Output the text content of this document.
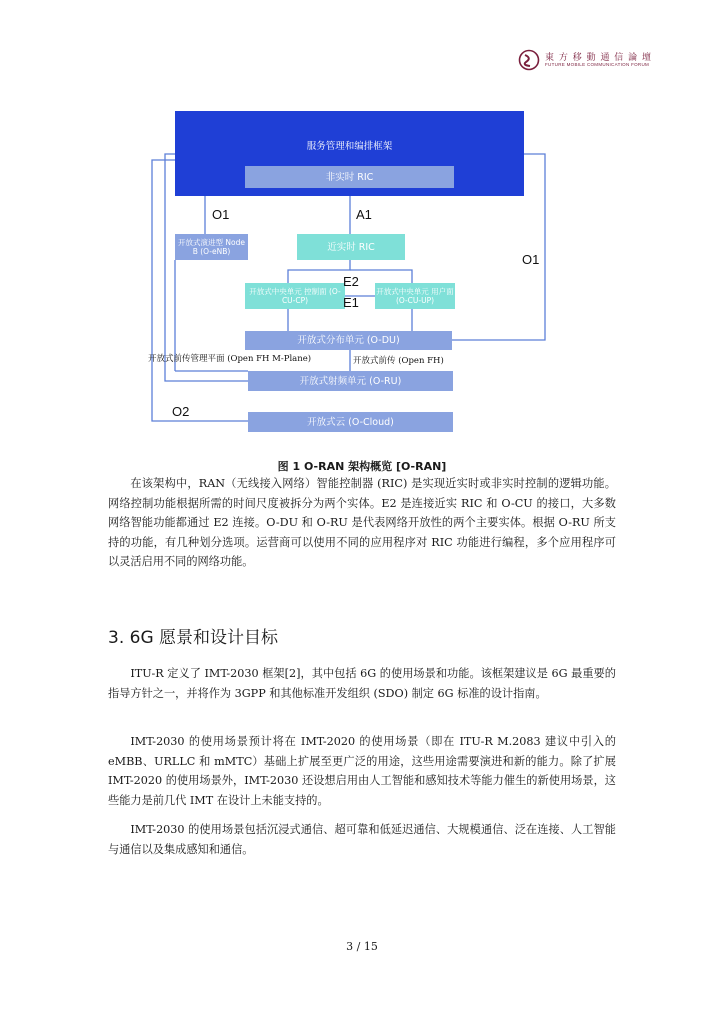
東 方 移 動 通 信 論 壇
FUTURE MOBILE COMMUNICATION FORUM
服务管理和编排框架
非实时 RIC
开放式演进型 Node B (O-eNB)	近实时 RIC
开放式中央单元 控制面 (O-CU-CP)
开放式中央单元 用户面 (O-CU-UP)
开放式分布单元 (O-DU)
开放式射频单元 (O-RU)
开放式云 (O-Cloud)
O1	A1
O1
E2
E1
O2
开放式前传管理平面 (Open FH M-Plane)	开放式前传 (Open FH)
图 1 O-RAN 架构概览 [O-RAN]

在该架构中，RAN（无线接入网络）智能控制器 (RIC) 是实现近实时或非实时控制的逻辑功能。网络控制功能根据所需的时间尺度被拆分为两个实体。E2 是连接近实 RIC 和 O-CU 的接口，大多数网络智能功能都通过 E2 连接。O-DU 和 O-RU 是代表网络开放性的两个主要实体。根据 O-RU 所支持的功能，有几种划分选项。运营商可以使用不同的应用程序对 RIC 功能进行编程，多个应用程序可以灵活启用不同的网络功能。

3. 6G 愿景和设计目标

ITU-R 定义了 IMT-2030 框架[2]，其中包括 6G 的使用场景和功能。该框架建议是 6G 最重要的指导方针之一，并将作为 3GPP 和其他标准开发组织 (SDO) 制定 6G 标准的设计指南。

IMT-2030 的使用场景预计将在 IMT-2020 的使用场景（即在 ITU-R M.2083 建议中引入的 eMBB、URLLC 和 mMTC）基础上扩展至更广泛的用途，这些用途需要演进和新的能力。除了扩展 IMT-2020 的使用场景外，IMT-2030 还设想启用由人工智能和感知技术等能力催生的新使用场景，这些能力是前几代 IMT 在设计上未能支持的。

IMT-2030 的使用场景包括沉浸式通信、超可靠和低延迟通信、大规模通信、泛在连接、人工智能与通信以及集成感知和通信。

3 / 15
